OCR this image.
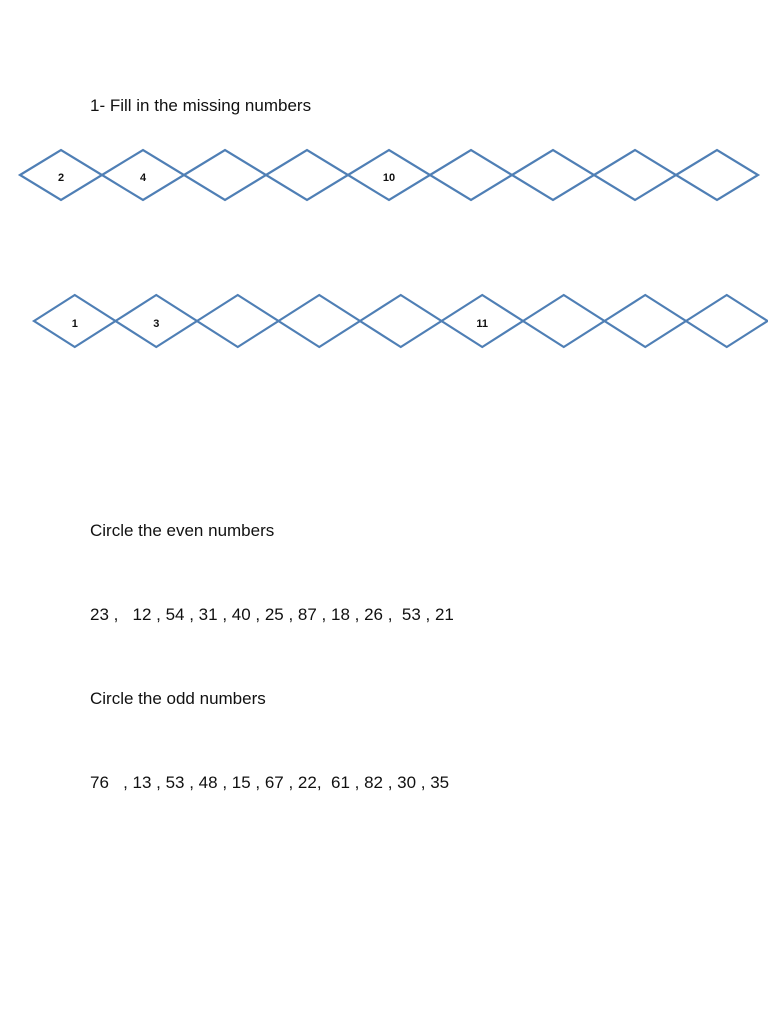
1- Fill in the missing numbers
2	4	10
1	3	11
Circle the even numbers
23 ,   12 , 54 , 31 , 40 , 25 , 87 , 18 , 26 ,  53 , 21
Circle the odd numbers
76   , 13 , 53 , 48 , 15 , 67 , 22,  61 , 82 , 30 , 35
